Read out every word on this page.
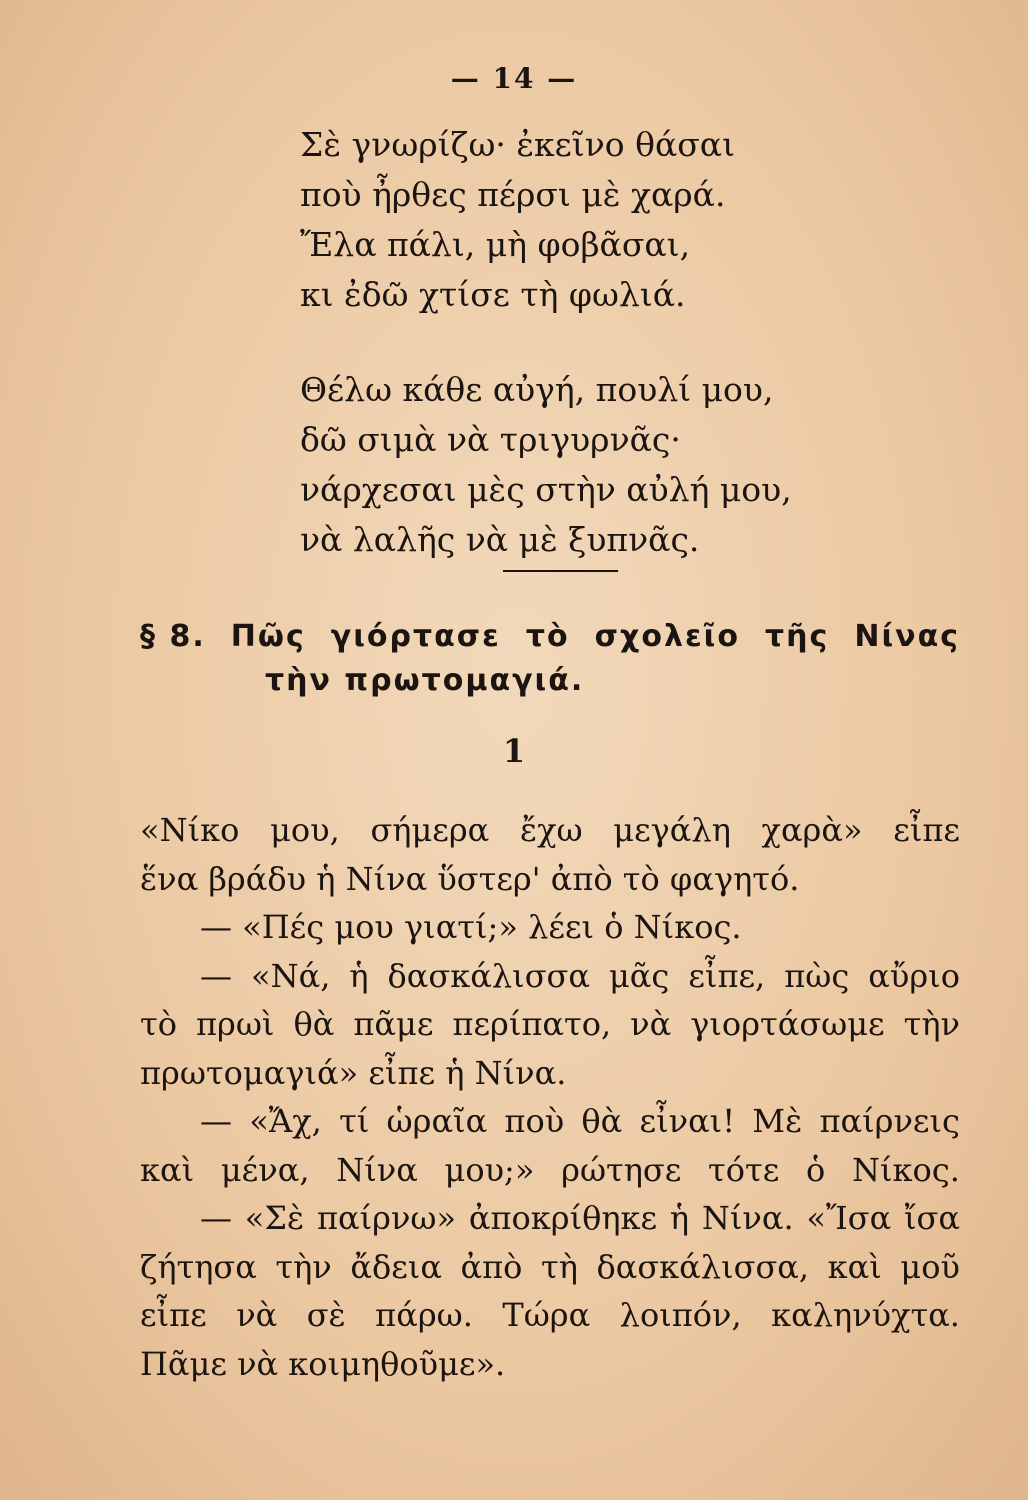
— 14 —
Σὲ γνωρίζω· ἐκεῖνο θάσαι
ποὺ ἦρθες πέρσι μὲ χαρά.
Ἔλα πάλι, μὴ φοβᾶσαι,
κι ἐδῶ χτίσε τὴ φωλιά.
Θέλω κάθε αὐγή, πουλί μου,
δῶ σιμὰ νὰ τριγυρνᾶς·
νάρχεσαι μὲς στὴν αὐλή μου,
νὰ λαλῆς νὰ μὲ ξυπνᾶς.
§ 8. Πῶς γιόρτασε τὸ σχολεῖο τῆς Νίνας
τὴν πρωτομαγιά.
1
«Νίκο μου, σήμερα ἔχω μεγάλη χαρὰ» εἶπε
ἕνα βράδυ ἡ Νίνα ὕστερ' ἀπὸ τὸ φαγητό.
— «Πές μου γιατί;» λέει ὁ Νίκος.
— «Νά, ἡ δασκάλισσα μᾶς εἶπε, πὼς αὔριο
τὸ πρωὶ θὰ πᾶμε περίπατο, νὰ γιορτάσωμε τὴν
πρωτομαγιά» εἶπε ἡ Νίνα.
— «Ἄχ, τί ὡραῖα ποὺ θὰ εἶναι! Μὲ παίρνεις
καὶ μένα, Νίνα μου;» ρώτησε τότε ὁ Νίκος.
— «Σὲ παίρνω» ἀποκρίθηκε ἡ Νίνα. «Ἴσα ἴσα
ζήτησα τὴν ἄδεια ἀπὸ τὴ δασκάλισσα, καὶ μοῦ
εἶπε νὰ σὲ πάρω. Τώρα λοιπόν, καληνύχτα.
Πᾶμε νὰ κοιμηθοῦμε».
